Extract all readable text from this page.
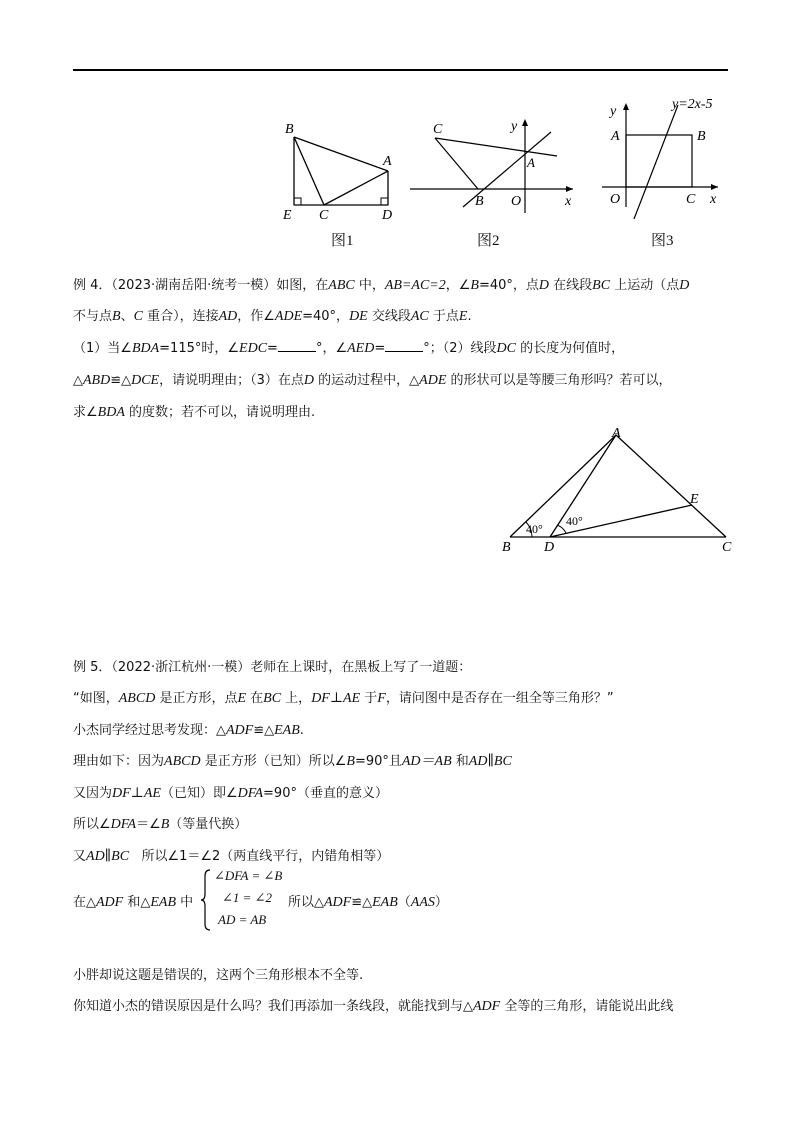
B
A
E C	D
图1
C	y
A
B O	x
图2
y	y=2x-5
A	B
O	C x
图3
例 4．（2023·湖南岳阳·统考一模）如图，在ABC 中，AB=AC=2，∠B=40°，点D 在线段BC 上运动（点D
不与点B、C 重合），连接AD，作∠ADE=40°，DE 交线段AC 于点E.
（1）当∠BDA=115°时，∠EDC=	°，∠AED=	°；（2）线段DC 的长度为何值时，
△ABD≌△DCE，请说明理由；（3）在点D 的运动过程中，△ADE 的形状可以是等腰三角形吗？若可以，
求∠BDA 的度数；若不可以，请说明理由.
A
E
B D	C
40°
40°
例 5．（2022·浙江杭州·一模）老师在上课时，在黑板上写了一道题：
“如图，ABCD 是正方形，点E 在BC 上，DF⊥AE 于F，请问图中是否存在一组全等三角形？”
小杰同学经过思考发现：△ADF≌△EAB.
理由如下：因为ABCD 是正方形（已知）所以∠B=90°且AD＝AB 和AD∥BC
又因为DF⊥AE（已知）即∠DFA=90°（垂直的意义）
所以∠DFA＝∠B（等量代换）
又AD∥BC   所以∠1＝∠2（两直线平行，内错角相等）
在△ADF 和△EAB 中
∠DFA = ∠B
∠1 = ∠2
AD = AB
所以△ADF≌△EAB（AAS）
小胖却说这题是错误的，这两个三角形根本不全等.
你知道小杰的错误原因是什么吗？我们再添加一条线段，就能找到与△ADF 全等的三角形，请能说出此线
